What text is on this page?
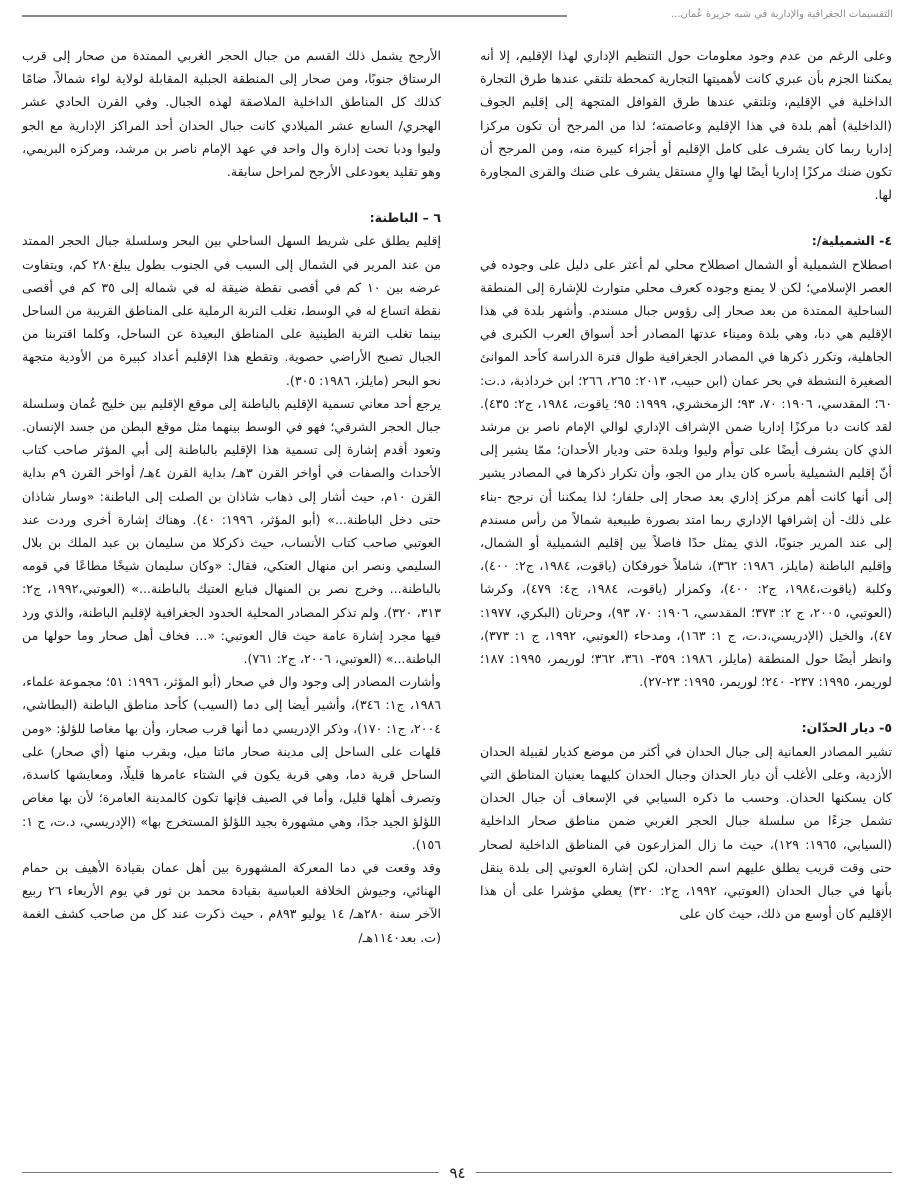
التقسيمات الجغرافية والإدارية في شبه جزيرة عُمان...

وعلى الرغم من عدم وجود معلومات حول التنظيم الإداري لهذا الإقليم، إلا أنه يمكننا الجزم بأن عبري كانت لأهميتها التجارية كمحطة تلتقي عندها طرق التجارة الداخلية في الإقليم، وتلتقي عندها طرق القوافل المتجهة إلى إقليم الجوف (الداخلية) أهم بلدة في هذا الإقليم وعاصمته؛ لذا من المرجح أن تكون مركزا إداريا ربما كان يشرف على كامل الإقليم أو أجزاء كبيرة منه، ومن المرجح أن تكون ضنك مركزًا إداريا أيضًا لها والٍ مستقل يشرف على ضنك والقرى المجاورة لها.

٤- الشميلية/:

اصطلاح الشميلية أو الشمال اصطلاح محلي لم أعثر على دليل على وجوده في العصر الإسلامي؛ لكن لا يمنع وجوده كعرف محلي متوارث للإشارة إلى المنطقة الساحلية الممتدة من بعد صحار إلى رؤوس جبال مسندم. وأشهر بلدة في هذا الإقليم هي دبا، وهي بلدة وميناء عدتها المصادر أحد أسواق العرب الكبرى في الجاهلية، وتكرر ذكرها في المصادر الجغرافية طوال فترة الدراسة كأحد الموانئ الصغيرة النشطة في بحر عمان (ابن حبيب، ٢٠١٣: ٢٦٥، ٢٦٦؛ ابن خرداذبة، د.ت: ٦٠؛ المقدسي، ١٩٠٦: ٧٠، ٩٣؛ الزمخشري، ١٩٩٩: ٩٥؛ ياقوت، ١٩٨٤، ج٢: ٤٣٥). لقد كانت دبا مركزًا إداريا ضمن الإشراف الإداري لوالي الإمام ناصر بن مرشد الذي كان يشرف أيضًا على توأم وليوا وبلدة حتى وديار الأحدان؛ ممّا يشير إلى أنّ إقليم الشميلية بأسره كان يدار من الجو، وأن تكرار ذكرها في المصادر يشير إلى أنها كانت أهم مركز إداري بعد صحار إلى جلفار؛ لذا يمكننا أن نرجح -بناء على ذلك- أن إشرافها الإداري ربما امتد بصورة طبيعية شمالاً من رأس مسندم إلى عند المرير جنوبًا، الذي يمثل حدًا فاصلاً بين إقليم الشميلية أو الشمال، وإقليم الباطنة (مايلز، ١٩٨٦: ٣٦٢)، شاملاً خورفكان (ياقوت، ١٩٨٤، ج٢: ٤٠٠)، وكلبة (ياقوت،١٩٨٤، ج٢: ٤٠٠)، وكمزار (ياقوت، ١٩٨٤، ج٤: ٤٧٩)، وكرشا (العوتبي، ٢٠٠٥، ج ٢: ٣٧٣؛ المقدسي، ١٩٠٦: ٧٠، ٩٣)، وحرثان (البكري، ١٩٧٧: ٤٧)، والخيل (الإدريسي،د.ت، ج ١: ١٦٣)، ومدحاء (العوتبي، ١٩٩٢، ج ١: ٣٧٣)، وانظر أيضًا حول المنطقة (مايلز، ١٩٨٦: ٣٥٩- ٣٦١، ٣٦٢؛ لوريمر، ١٩٩٥: ١٨٧؛ لوريمر، ١٩٩٥: ٢٣٧- ٢٤٠؛ لوريمر، ١٩٩٥: ٢٣-٢٧).

٥- ديار الحدّان:

تشير المصادر العمانية إلى جبال الحدان في أكثر من موضع كديار لقبيلة الحدان الأزدية، وعلى الأغلب أن ديار الحدان وجبال الحدان كليهما يعنيان المناطق التي كان يسكنها الحدان. وحسب ما ذكره السيابي في الإسعاف أن جبال الحدان تشمل جزءًا من سلسلة جبال الحجر الغربي ضمن مناطق صحار الداخلية (السيابي، ١٩٦٥: ١٢٩)، حيث ما زال المزارعون في المناطق الداخلية لصحار حتى وقت قريب يطلق عليهم اسم الحدان، لكن إشارة العوتبي إلى بلدة ينقل بأنها في جبال الحدان (العوتبي، ١٩٩٢، ج٢: ٣٢٠) يعطي مؤشرا على أن هذا الإقليم كان أوسع من ذلك، حيث كان على

الأرجح يشمل ذلك القسم من جبال الحجر الغربي الممتدة من صحار إلى قرب الرستاق جنوبًا، ومن صحار إلى المنطقة الجبلية المقابلة لولاية لواء شمالاً، ضامًا كذلك كل المناطق الداخلية الملاصقة لهذه الجبال. وفي القرن الحادي عشر الهجري/ السابع عشر الميلادي كانت جبال الحدان أحد المراكز الإدارية مع الجو وليوا ودبا تحت إدارة وال واحد في عهد الإمام ناصر بن مرشد، ومركزه البريمي، وهو تقليد يعودعلى الأرجح لمراحل سابقة.

٦ – الباطنة:

إقليم يطلق على شريط السهل الساحلي بين البحر وسلسلة جبال الحجر الممتد من عند المرير في الشمال إلى السيب في الجنوب بطول يبلغ٢٨٠ كم، ويتفاوت عرضه بين ١٠ كم في أقصى نقطة ضيقة له في شماله إلى ٣٥ كم في أقصى نقطة اتساع له في الوسط، تغلب التربة الرملية على المناطق القريبة من الساحل بينما تغلب التربة الطينية على المناطق البعيدة عن الساحل، وكلما اقتربنا من الجبال تصبح الأراضي حصوية. وتقطع هذا الإقليم أعداد كبيرة من الأودية متجهة نحو البحر (مايلز، ١٩٨٦: ٣٠٥).

يرجع أحد معاني تسمية الإقليم بالباطنة إلى موقع الإقليم بين خليج عُمان وسلسلة جبال الحجر الشرقي؛ فهو في الوسط بينهما مثل موقع البطن من جسد الإنسان. وتعود أقدم إشارة إلى تسمية هذا الإقليم بالباطنة إلى أبي المؤثر صاحب كتاب الأحداث والصفات في أواخر القرن ٣هـ/ بداية القرن ٤هـ/ أواخر القرن ٩م بداية القرن ١٠م، حيث أشار إلى ذهاب شاذان بن الصلت إلى الباطنة: «وسار شاذان حتى دخل الباطنة...» (أبو المؤثر، ١٩٩٦: ٤٠). وهناك إشارة أخرى وردت عند العوتبي صاحب كتاب الأنساب، حيث ذكركلا من سليمان بن عبد الملك بن بلال السليمي ونصر ابن منهال العتكي، فقال: «وكان سليمان شيخًا مطاعًا في قومه بالباطنة... وخرج نصر بن المنهال فبايع العتيك بالباطنة...» (العوتبي،١٩٩٢، ج٢: ٣١٣، ٣٢٠). ولم تذكر المصادر المحلية الحدود الجغرافية لإقليم الباطنة، والذي ورد فيها مجرد إشارة عامة حيث قال العوتبي: «... فخاف أهل صحار وما حولها من الباطنة...» (العوتبي، ٢٠٠٦، ج٢: ٧٦١).

وأشارت المصادر إلى وجود وال في صحار (أبو المؤثر، ١٩٩٦: ٥١؛ مجموعة علماء، ١٩٨٦، ج١: ٣٤٦)، وأشير أيضا إلى دما (السيب) كأحد مناطق الباطنة (البطاشي، ٢٠٠٤، ج١: ١٧٠)، وذكر الإدريسي دما أنها قرب صحار، وأن بها مغاصا للؤلؤ: «ومن قلهات على الساحل إلى مدينة صحار مائتا ميل، وبقرب منها (أي صحار) على الساحل قرية دما، وهي قرية يكون في الشتاء عامرها قليلًا، ومعايشها كاسدة، وتصرف أهلها قليل، وأما في الصيف فإنها تكون كالمدينة العامرة؛ لأن بها مغاص اللؤلؤ الجيد جدًا، وهي مشهورة بجيد اللؤلؤ المستخرج بها» (الإدريسي، د.ت، ج ١: ١٥٦).

وقد وقعت في دما المعركة المشهورة بين أهل عمان بقيادة الأهيف بن حمام الهنائي، وجيوش الخلافة العباسية بقيادة محمد بن ثور في يوم الأربعاء ٢٦ ربيع الآخر سنة ٢٨٠هـ/ ١٤ يوليو ٨٩٣م ، حيث ذكرت عند كل من صاحب كشف الغمة (ت. بعد١١٤٠هـ/

٩٤
